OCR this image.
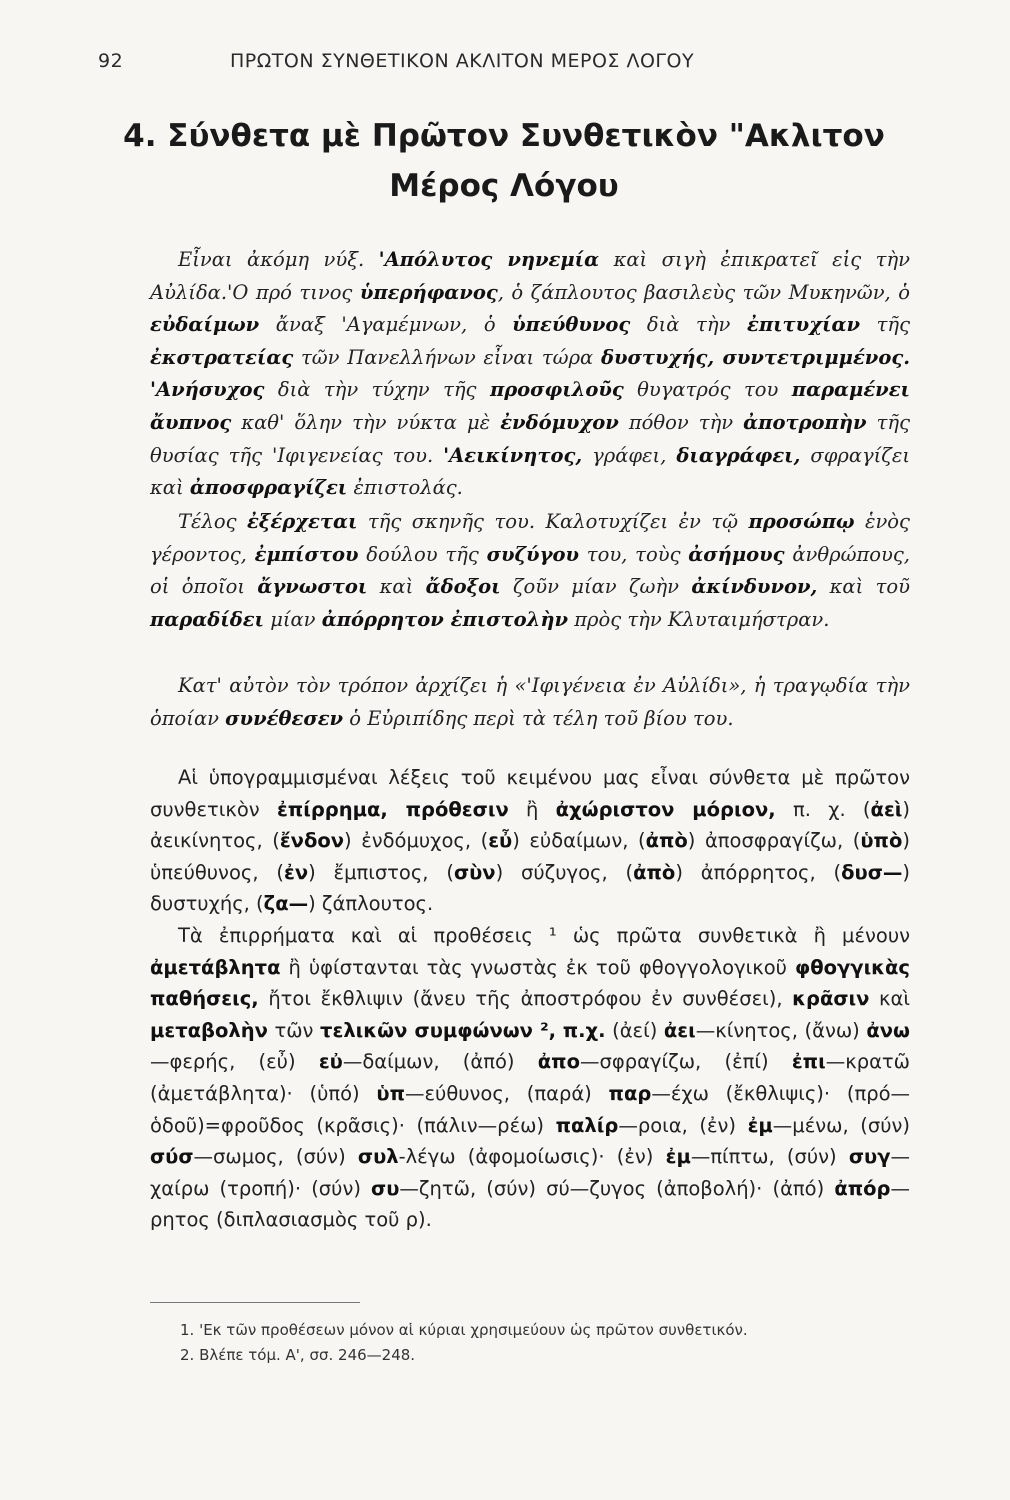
92	ΠΡΩΤΟΝ ΣΥΝΘΕΤΙΚΟΝ ΑΚΛΙΤΟΝ ΜΕΡΟΣ ΛΟΓΟΥ
4. Σύνθετα μὲ Πρῶτον Συνθετικὸν "Ακλιτον
Μέρος Λόγου

Εἶναι ἀκόμη νύξ. 'Απόλυτος νηνεμία καὶ σιγὴ ἐπικρατεῖ εἰς τὴν Αὐλίδα.'Ο πρό τινος ὑπερήφανος, ὁ ζάπλουτος βασιλεὺς τῶν Μυκηνῶν, ὁ εὐδαίμων ἄναξ 'Αγαμέμνων, ὁ ὑπεύθυνος διὰ τὴν ἐπιτυχίαν τῆς ἐκστρατείας τῶν Πανελλήνων εἶναι τώρα δυστυχής, συντετριμμένος. 'Ανήσυχος διὰ τὴν τύχην τῆς προσφιλοῦς θυγατρός του παραμένει ἄυπνος καθ' ὅλην τὴν νύκτα μὲ ἐνδόμυχον πόθον τὴν ἀποτροπὴν τῆς θυσίας τῆς 'Ιφιγενείας του. 'Αεικίνητος, γράφει, διαγράφει, σφραγίζει καὶ ἀποσφραγίζει ἐπιστολάς.

Τέλος ἐξέρχεται τῆς σκηνῆς του. Καλοτυχίζει ἐν τῷ προσώπῳ ἑνὸς γέροντος, ἐμπίστου δούλου τῆς συζύγου του, τοὺς ἀσήμους ἀνθρώπους, οἱ ὁποῖοι ἄγνωστοι καὶ ἄδοξοι ζοῦν μίαν ζωὴν ἀκίνδυνον, καὶ τοῦ παραδίδει μίαν ἀπόρρητον ἐπιστολὴν πρὸς τὴν Κλυταιμήστραν.

Κατ' αὐτὸν τὸν τρόπον ἀρχίζει ἡ «'Ιφιγένεια ἐν Αὐλίδι», ἡ τραγῳδία τὴν ὁποίαν συνέθεσεν ὁ Εὐριπίδης περὶ τὰ τέλη τοῦ βίου του.

Αἱ ὑπογραμμισμέναι λέξεις τοῦ κειμένου μας εἶναι σύνθετα μὲ πρῶτον συνθετικὸν ἐπίρρημα, πρόθεσιν ἢ ἀχώριστον μόριον, π. χ. (ἀεὶ) ἀεικίνητος, (ἔνδον) ἐνδόμυχος, (εὖ) εὐδαίμων, (ἀπὸ) ἀποσφραγίζω, (ὑπὸ) ὑπεύθυνος, (ἐν) ἔμπιστος, (σὺν) σύζυγος, (ἀπὸ) ἀπόρρητος, (δυσ—) δυστυχής, (ζα—) ζάπλουτος.

Τὰ ἐπιρρήματα καὶ αἱ προθέσεις ¹ ὡς πρῶτα συνθετικὰ ἢ μένουν ἀμετάβλητα ἢ ὑφίστανται τὰς γνωστὰς ἐκ τοῦ φθογγολογικοῦ φθογγικὰς παθήσεις, ἤτοι ἔκθλιψιν (ἄνευ τῆς ἀποστρόφου ἐν συνθέσει), κρᾶσιν καὶ μεταβολὴν τῶν τελικῶν συμφώνων ², π.χ. (ἀεί) ἀει—κίνητος, (ἄνω) ἀνω—φερής, (εὖ) εὐ—δαίμων, (ἀπό) ἀπο—σφραγίζω, (ἐπί) ἐπι—κρατῶ (ἀμετάβλητα)· (ὑπό) ὑπ—εύθυνος, (παρά) παρ—έχω (ἔκθλιψις)· (πρό—ὁδοῦ)=φροῦδος (κρᾶσις)· (πάλιν—ρέω) παλίρ—ροια, (ἐν) ἐμ—μένω, (σύν) σύσ—σωμος, (σύν) συλ-λέγω (ἀφομοίωσις)· (ἐν) ἐμ—πίπτω, (σύν) συγ—χαίρω (τροπή)· (σύν) συ—ζητῶ, (σύν) σύ—ζυγος (ἀποβολή)· (ἀπό) ἀπόρ—ρητος (διπλασιασμὸς τοῦ ρ).

1. 'Εκ τῶν προθέσεων μόνον αἱ κύριαι χρησιμεύουν ὡς πρῶτον συνθετικόν.
2. Βλέπε τόμ. Α', σσ. 246—248.
